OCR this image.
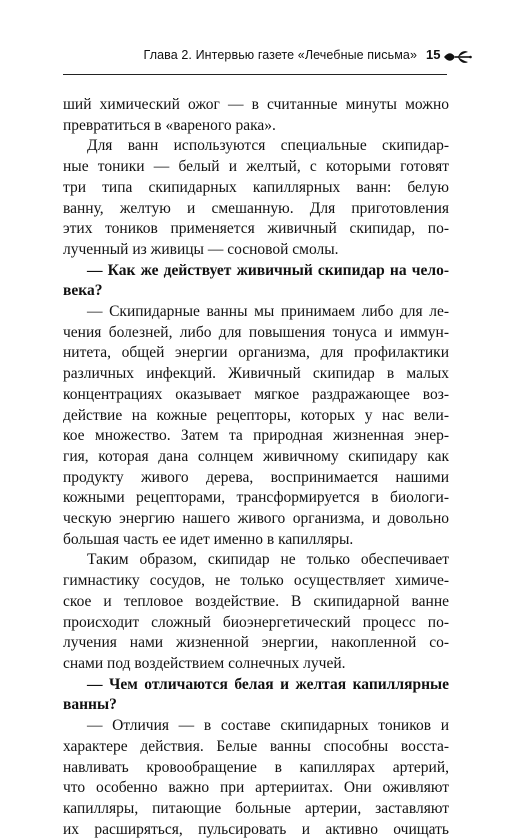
Глава 2. Интервью газете «Лечебные письма» 15

ший химический ожог — в считанные минуты можно

превратиться в «вареного рака».

Для ванн используются специальные скипидар-

ные тоники — белый и желтый, с которыми готовят

три типа скипидарных капиллярных ванн: белую

ванну, желтую и смешанную. Для приготовления

этих тоников применяется живичный скипидар, по-

лученный из живицы — сосновой смолы.

— Как же действует живичный скипидар на чело-

века?

— Скипидарные ванны мы принимаем либо для ле-

чения болезней, либо для повышения тонуса и иммун-

нитета, общей энергии организма, для профилактики

различных инфекций. Живичный скипидар в малых

концентрациях оказывает мягкое раздражающее воз-

действие на кожные рецепторы, которых у нас вели-

кое множество. Затем та природная жизненная энер-

гия, которая дана солнцем живичному скипидару как

продукту живого дерева, воспринимается нашими

кожными рецепторами, трансформируется в биологи-

ческую энергию нашего живого организма, и довольно

большая часть ее идет именно в капилляры.

Таким образом, скипидар не только обеспечивает

гимнастику сосудов, не только осуществляет химиче-

ское и тепловое воздействие. В скипидарной ванне

происходит сложный биоэнергетический процесс по-

лучения нами жизненной энергии, накопленной со-

снами под воздействием солнечных лучей.

— Чем отличаются белая и желтая капиллярные

ванны?

— Отличия — в составе скипидарных тоников и

характере действия. Белые ванны способны восста-

навливать кровообращение в капиллярах артерий,

что особенно важно при артериитах. Они оживляют

капилляры, питающие больные артерии, заставляют

их расширяться, пульсировать и активно очищать
